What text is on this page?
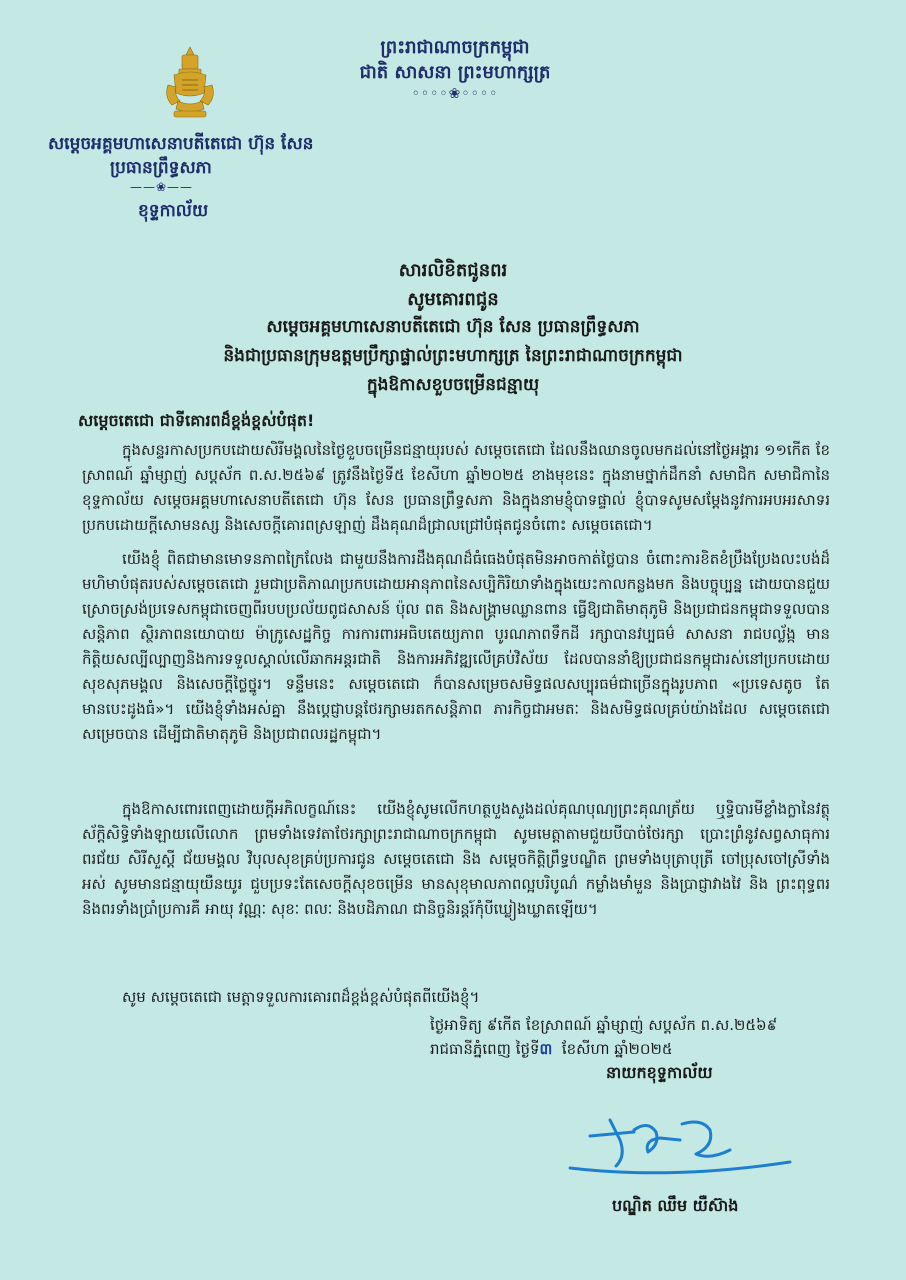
ព្រះរាជាណាចក្រកម្ពុជា
ជាតិ សាសនា ព្រះមហាក្សត្រ
◦◦◦◦❀◦◦◦◦
សម្ដេចអគ្គមហាសេនាបតីតេជោ ហ៊ុន សែន
ប្រធានព្រឹទ្ធសភា
——❀——
ខុទ្ទកាល័យ
សារលិខិតជូនពរ
សូមគោរពជូន
សម្ដេចអគ្គមហាសេនាបតីតេជោ ហ៊ុន សែន ប្រធានព្រឹទ្ធសភា
និងជាប្រធានក្រុមឧត្ដមប្រឹក្សាផ្ទាល់ព្រះមហាក្សត្រ នៃព្រះរាជាណាចក្រកម្ពុជា
ក្នុងឱកាសខួបចម្រើនជន្មាយុ
សម្ដេចតេជោ ជាទីគោរពដ៏ខ្ពង់ខ្ពស់បំផុត!

ក្នុងសន្ទរកាសប្រកបដោយសិរីមង្គលនៃថ្ងៃខួបចម្រើនជន្មាយុរបស់ សម្ដេចតេជោ ដែលនឹងឈានចូលមកដល់នៅថ្ងៃអង្គារ ១១កើត ខែស្រាពណ៍ ឆ្នាំម្សាញ់ សប្តស័ក ព.ស.២៥៦៩ ត្រូវនឹងថ្ងៃទី៥ ខែសីហា ឆ្នាំ២០២៥ ខាងមុខនេះ ក្នុងនាមថ្នាក់ដឹកនាំ សមាជិក សមាជិកានៃខុទ្ទកាល័យ សម្ដេចអគ្គមហាសេនាបតីតេជោ ហ៊ុន សែន ប្រធានព្រឹទ្ធសភា និងក្នុងនាមខ្ញុំបាទផ្ទាល់ ខ្ញុំបាទសូមសម្ដែងនូវការអបអរសាទរប្រកបដោយក្ដីសោមនស្ស និងសេចក្ដីគោរពស្រឡាញ់ ដឹងគុណដ៏ជ្រាលជ្រៅបំផុតជូនចំពោះ សម្ដេចតេជោ។

យើងខ្ញុំ ពិតជាមានមោទនភាពក្រៃលែង ជាមួយនឹងការដឹងគុណដ៏ធំធេងបំផុតមិនអាចកាត់ថ្លៃបាន ចំពោះការខិតខំប្រឹងប្រែងលះបង់ដ៏មហិមាបំផុតរបស់សម្ដេចតេជោ រួមជាប្រតិភាណប្រកបដោយអានុភាពនៃសប្បិកិរិយាទាំងក្នុងយេះកាលកន្លងមក និងបច្ចុប្បន្ន ដោយបានជួយស្រោចស្រង់ប្រទេសកម្ពុជាចេញពីរបបប្រល័យពូជសាសន៍ ប៉ុល ពត និងសង្គ្រាមឈ្លានពាន ធ្វើឱ្យជាតិមាតុភូមិ និងប្រជាជនកម្ពុជាទទួលបានសន្តិភាព ស្ថិរភាពនយោបាយ ម៉ាក្រូសេដ្ឋកិច្ច ការការពារអធិបតេយ្យភាព បូរណភាពទឹកដី រក្សាបានវប្បធម៌ សាសនា រាជបល្ល័ង្ក មានកិត្តិយសល្បីល្បាញនិងការទទួលស្គាល់លើឆាកអន្តរជាតិ និងការអភិវឌ្ឍលើគ្រប់វិស័យ ដែលបាននាំឱ្យប្រជាជនកម្ពុជារស់នៅប្រកបដោយសុខសុភមង្គល និងសេចក្ដីថ្លៃថ្នូរ។ ទន្ទឹមនេះ សម្ដេចតេជោ ក៏បានសម្រេចសមិទ្ធផលសប្បុរធម៌ជាច្រើនក្នុងរូបភាព «ប្រទេសតូច តែមានបេះដូងធំ»។ យើងខ្ញុំទាំងអស់គ្នា នឹងប្ដេជ្ញាបន្តថែរក្សាមរតកសន្តិភាព ភារកិច្ចជាអមតៈ និងសមិទ្ធផលគ្រប់យ៉ាងដែល សម្ដេចតេជោ សម្រេចបាន ដើម្បីជាតិមាតុភូមិ និងប្រជាពលរដ្ឋកម្ពុជា។

ក្នុងឱកាសពោរពេញដោយក្ដីអភិលក្ខណ៍នេះ យើងខ្ញុំសូមលើកហត្ថបួងសួងដល់គុណបុណ្យព្រះគុណត្រ័យ ឬទ្ធិបារមីខ្លាំងក្លានៃវត្ថុស័ក្តិសិទ្ធិទាំងឡាយលើលោក ព្រមទាំងទេវតាថែរក្សាព្រះរាជាណាចក្រកម្ពុជា សូមមេត្តាតាមជួយបីបាច់ថែរក្សា ប្រោះព្រំនូវសព្វសាធុការពរជ័យ សិរីសួស្ដី ជ័យមង្គល វិបុលសុខគ្រប់ប្រការជូន សម្ដេចតេជោ និង សម្ដេចកិត្តិព្រឹទ្ធបណ្ឌិត ព្រមទាំងបុត្រាបុត្រី ចៅប្រុសចៅស្រីទាំងអស់ សូមមានជន្មាយុយឺនយូរ ជួបប្រទះតែសេចក្ដីសុខចម្រើន មានសុខុមាលភាពល្អបរិបូណ៌ កម្លាំងមាំមួន និងប្រាជ្ញាវាងវៃ និង ព្រះពុទ្ធពរ និងពរទាំងប្រាំប្រការគឺ អាយុ វណ្ណៈ សុខៈ ពលៈ និងបដិភាណ ជានិច្ចនិរន្តរ៍កុំបីឃ្លៀងឃ្លាតឡើយ។

សូម សម្ដេចតេជោ មេត្តាទទួលការគោរពដ៏ខ្ពង់ខ្ពស់បំផុតពីយើងខ្ញុំ។

ថ្ងៃអាទិត្យ ៩កើត ខែស្រាពណ៍ ឆ្នាំម្សាញ់ សប្តស័ក ព.ស.២៥៦៩
រាជធានីភ្នំពេញ ថ្ងៃទី៣ ខែសីហា ឆ្នាំ២០២៥
នាយកខុទ្ទកាល័យ
បណ្ឌិត ឈឹម យឺស៊ាង
